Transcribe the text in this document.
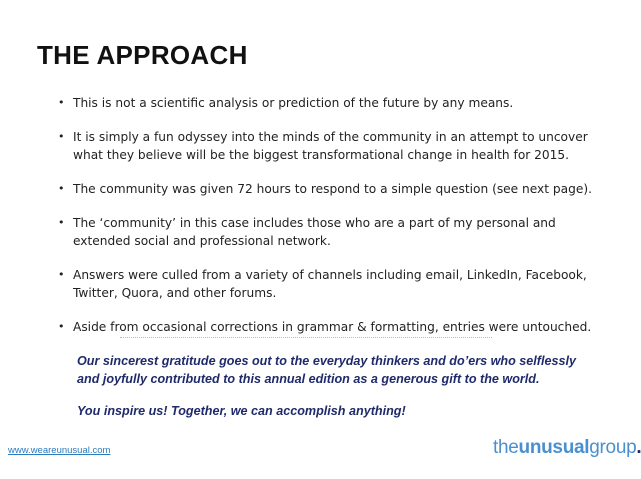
THE APPROACH
• This is not a scientific analysis or prediction of the future by any means.
• It is simply a fun odyssey into the minds of the community in an attempt to uncover what they believe will be the biggest transformational change in health for 2015.
• The community was given 72 hours to respond to a simple question (see next page).
• The ‘community’ in this case includes those who are a part of my personal and extended social and professional network.
• Answers were culled from a variety of channels including email, LinkedIn, Facebook, Twitter, Quora, and other forums.
• Aside from occasional corrections in grammar & formatting, entries were untouched.

Our sincerest gratitude goes out to the everyday thinkers and do’ers who selflessly and joyfully contributed to this annual edition as a generous gift to the world.

You inspire us! Together, we can accomplish anything!

www.weareunusual.com	theunusualgroup.
